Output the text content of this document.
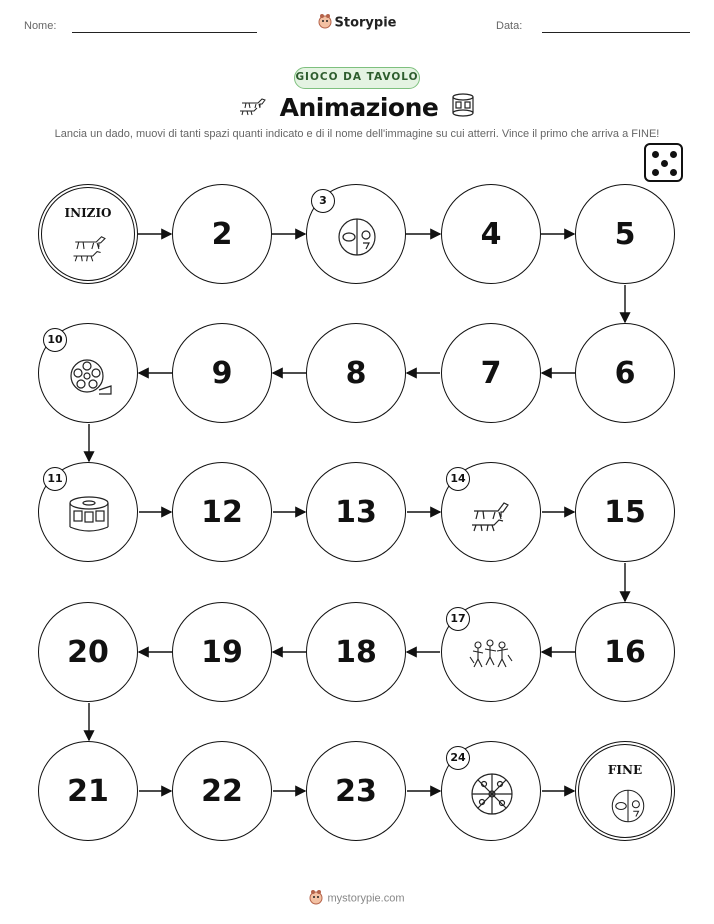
Nome:	Storypie	Data:
GIOCO DA TAVOLO
Animazione
Lancia un dado, muovi di tanti spazi quanti indicato e di il nome dell'immagine su cui atterri. Vince il primo che arriva a FINE!
INIZIO
2
3
4	5
10
9	8	7	6
11
12	13
14
15
20	19	18
17
16
21	22	23
24
FINE
mystorypie.com
